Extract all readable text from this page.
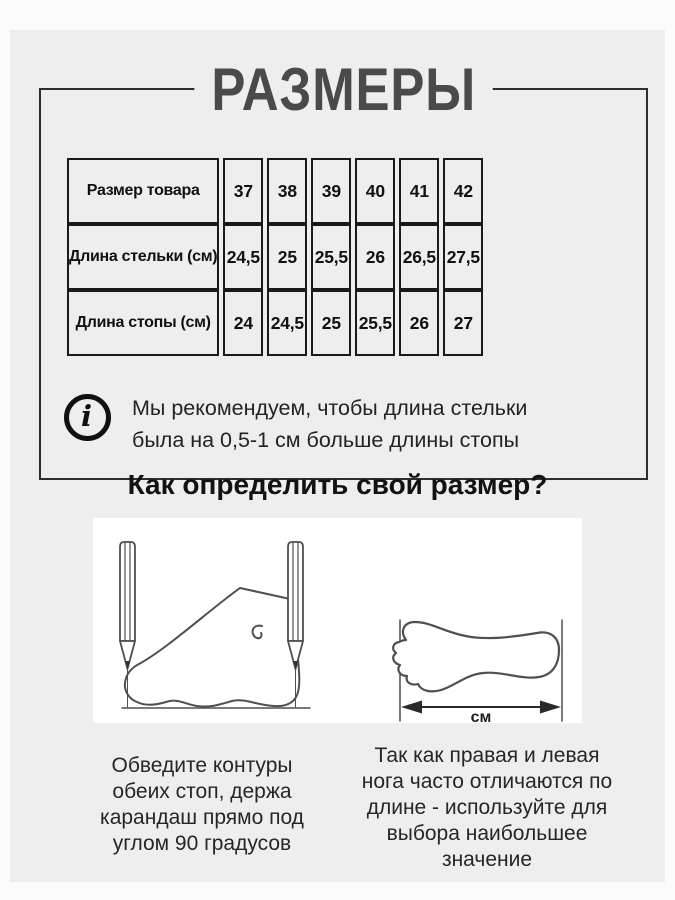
РАЗМЕРЫ
Размер товара	37	38	39	40	41	42
Длина стельки (см)	24,5	25	25,5	26	26,5	27,5
Длина стопы (см)	24	24,5	25	25,5	26	27
i Мы рекомендуем, чтобы длина стельки
была на 0,5-1 см больше длины стопы
Как определить свой размер?
см
Обведите контуры
обеих стоп, держа
карандаш прямо под
углом 90 градусов
Так как правая и левая
нога часто отличаются по
длине - используйте для
выбора наибольшее
значение
